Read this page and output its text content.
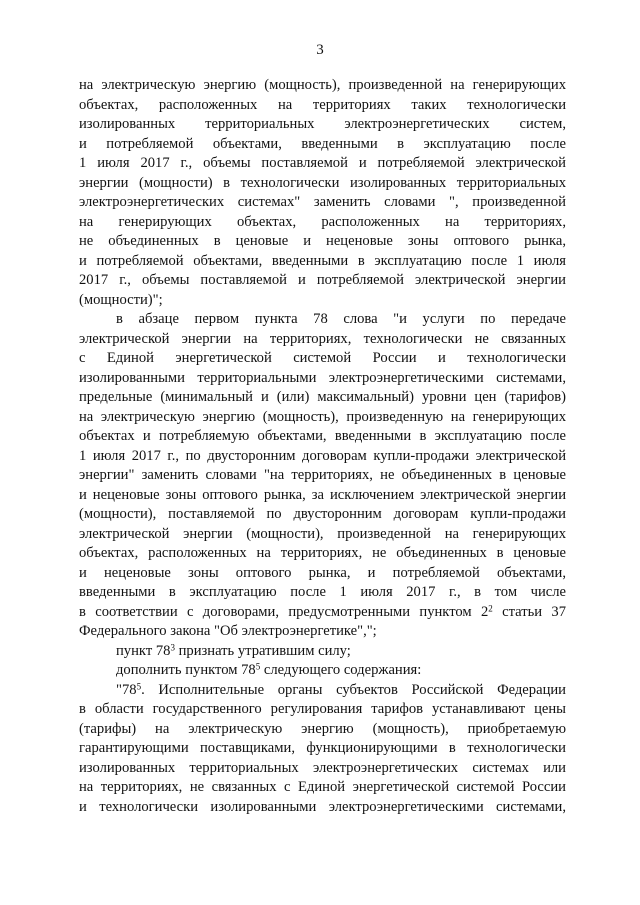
3
на электрическую энергию (мощность), произведенной на генерирующих
объектах, расположенных на территориях таких технологически
изолированных территориальных электроэнергетических систем,
и потребляемой объектами, введенными в эксплуатацию после
1 июля 2017 г., объемы поставляемой и потребляемой электрической
энергии (мощности) в технологически изолированных территориальных
электроэнергетических системах" заменить словами ", произведенной
на генерирующих объектах, расположенных на территориях,
не объединенных в ценовые и неценовые зоны оптового рынка,
и потребляемой объектами, введенными в эксплуатацию после 1 июля
2017 г., объемы поставляемой и потребляемой электрической энергии
(мощности)";
в абзаце первом пункта 78 слова "и услуги по передаче
электрической энергии на территориях, технологически не связанных
с Единой энергетической системой России и технологически
изолированными территориальными электроэнергетическими системами,
предельные (минимальный и (или) максимальный) уровни цен (тарифов)
на электрическую энергию (мощность), произведенную на генерирующих
объектах и потребляемую объектами, введенными в эксплуатацию после
1 июля 2017 г., по двусторонним договорам купли-продажи электрической
энергии" заменить словами "на территориях, не объединенных в ценовые
и неценовые зоны оптового рынка, за исключением электрической энергии
(мощности), поставляемой по двусторонним договорам купли-продажи
электрической энергии (мощности), произведенной на генерирующих
объектах, расположенных на территориях, не объединенных в ценовые
и неценовые зоны оптового рынка, и потребляемой объектами,
введенными в эксплуатацию после 1 июля 2017 г., в том числе
в соответствии с договорами, предусмотренными пунктом $2^2$ статьи 37
Федерального закона "Об электроэнергетике",";
пункт $78^3$ признать утратившим силу;
дополнить пунктом $78^5$ следующего содержания:
"$78^5$. Исполнительные органы субъектов Российской Федерации
в области государственного регулирования тарифов устанавливают цены
(тарифы) на электрическую энергию (мощность), приобретаемую
гарантирующими поставщиками, функционирующими в технологически
изолированных территориальных электроэнергетических системах или
на территориях, не связанных с Единой энергетической системой России
и технологически изолированными электроэнергетическими системами,
